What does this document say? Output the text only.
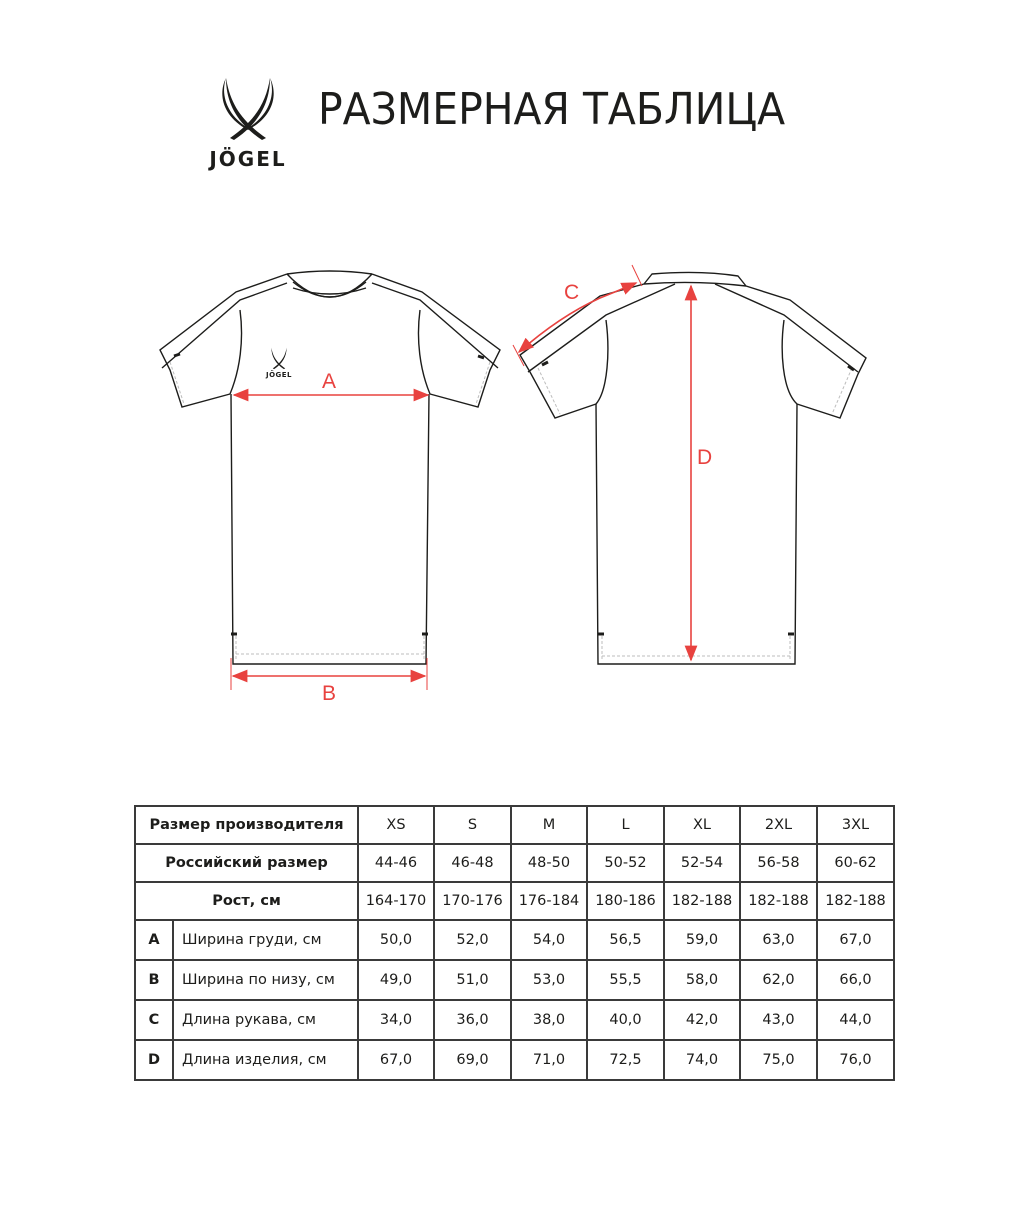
JÖGEL
РАЗМЕРНАЯ ТАБЛИЦА
JÖGEL A
B
C
D
Размер производителя		XS	S	M	L	XL	2XL	3XL
Российский размер		44-46	46-48	48-50	50-52	52-54	56-58	60-62
Рост, см		164-170	170-176	176-184	180-186	182-188	182-188	182-188
A	Ширина груди, см	50,0	52,0	54,0	56,5	59,0	63,0	67,0
B	Ширина по низу, см	49,0	51,0	53,0	55,5	58,0	62,0	66,0
C	Длина рукава, см	34,0	36,0	38,0	40,0	42,0	43,0	44,0
D	Длина изделия, см	67,0	69,0	71,0	72,5	74,0	75,0	76,0
